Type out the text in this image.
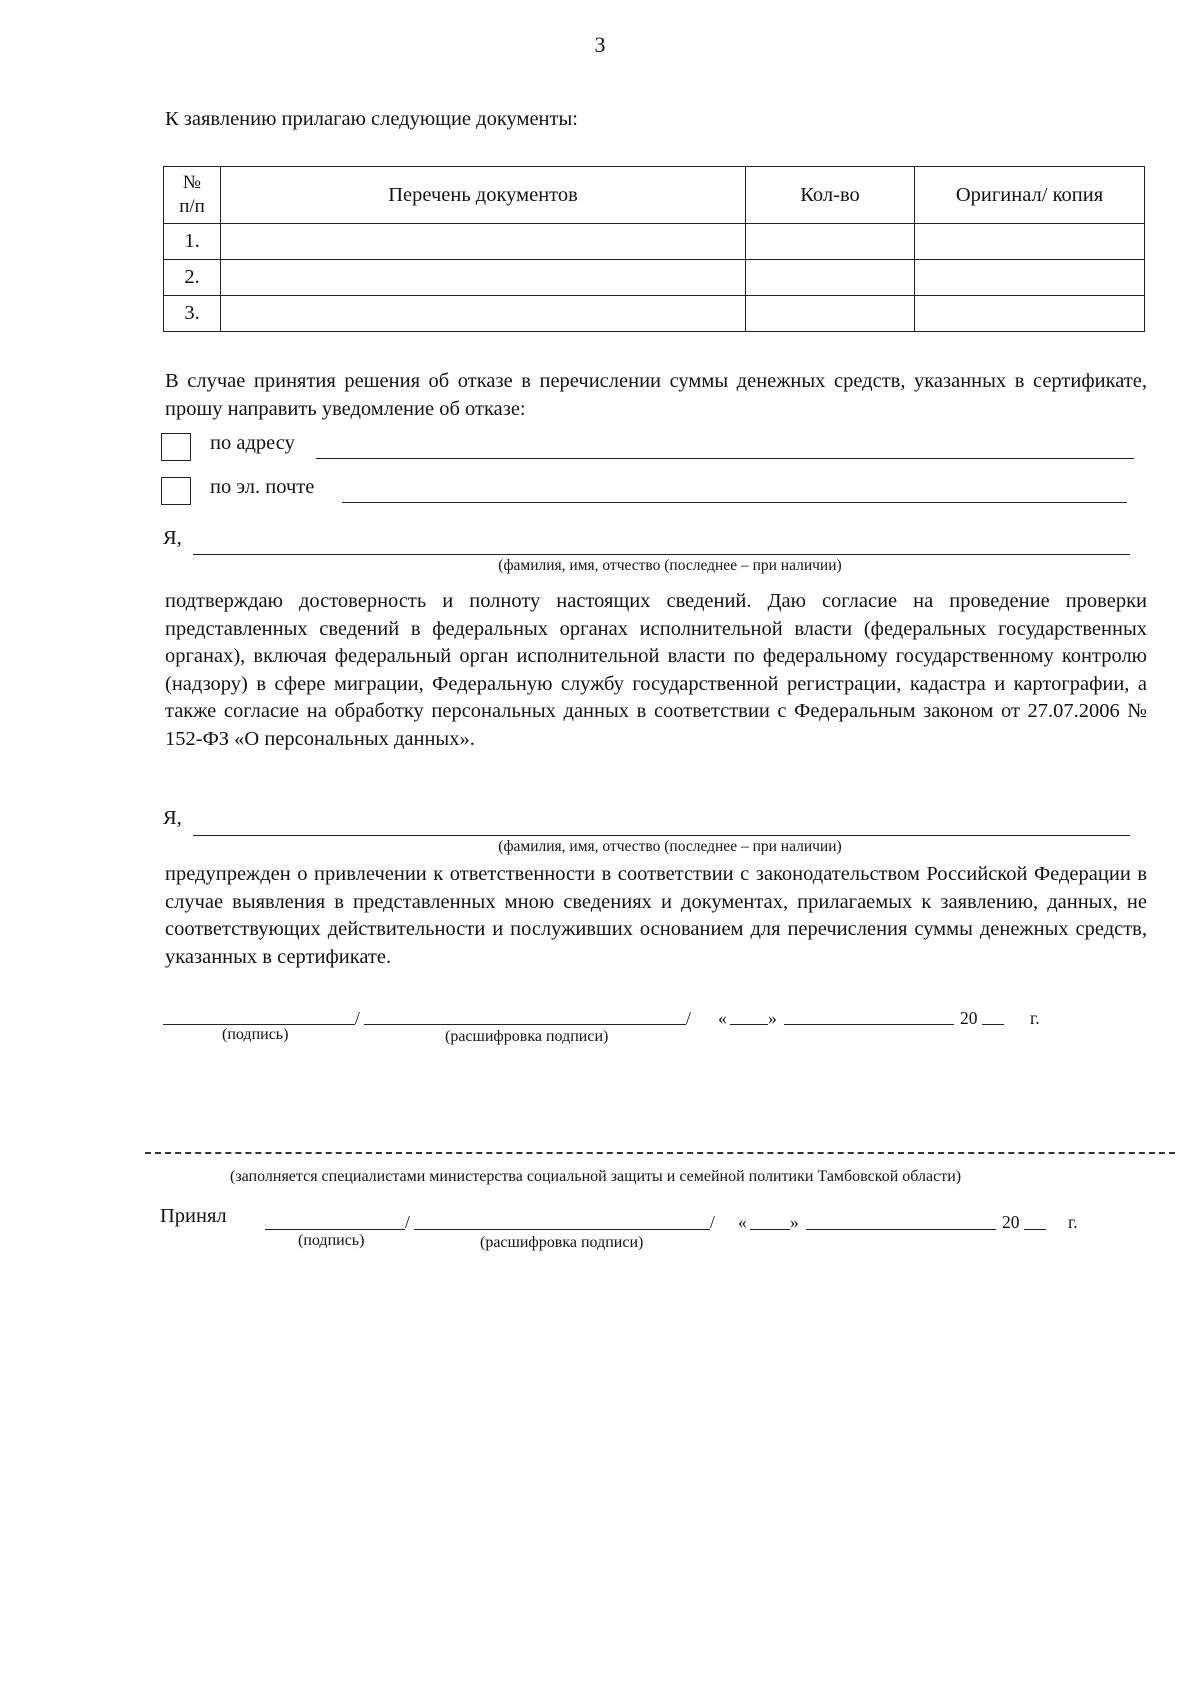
3
К заявлению прилагаю следующие документы:
№
п/п	Перечень документов	Кол-во	Оригинал/ копия
1.			
2.			
3.			
В случае принятия решения об отказе в перечислении суммы денежных средств, указанных в сертификате, прошу направить уведомление об отказе:
по адресу
по эл. почте
Я,
(фамилия, имя, отчество (последнее – при наличии)
подтверждаю достоверность и полноту настоящих сведений. Даю согласие на проведение проверки представленных сведений в федеральных органах исполнительной власти (федеральных государственных органах), включая федеральный орган исполнительной власти по федеральному государственному контролю (надзору) в сфере миграции, Федеральную службу государственной регистрации, кадастра и картографии, а также согласие на обработку персональных данных в соответствии с Федеральным законом от 27.07.2006 № 152-ФЗ «О персональных данных».
Я,
(фамилия, имя, отчество (последнее – при наличии)
предупрежден о привлечении к ответственности в соответствии с законодательством Российской Федерации в случае выявления в представленных мною сведениях и документах, прилагаемых к заявлению, данных, не соответствующих действительности и послуживших основанием для перечисления суммы денежных средств, указанных в сертификате.
/	/ « »	20	г.
(подпись)	(расшифровка подписи)
(заполняется специалистами министерства социальной защиты и семейной политики Тамбовской области)
Принял	/	/ « »	20	г.
(подпись)	(расшифровка подписи)
